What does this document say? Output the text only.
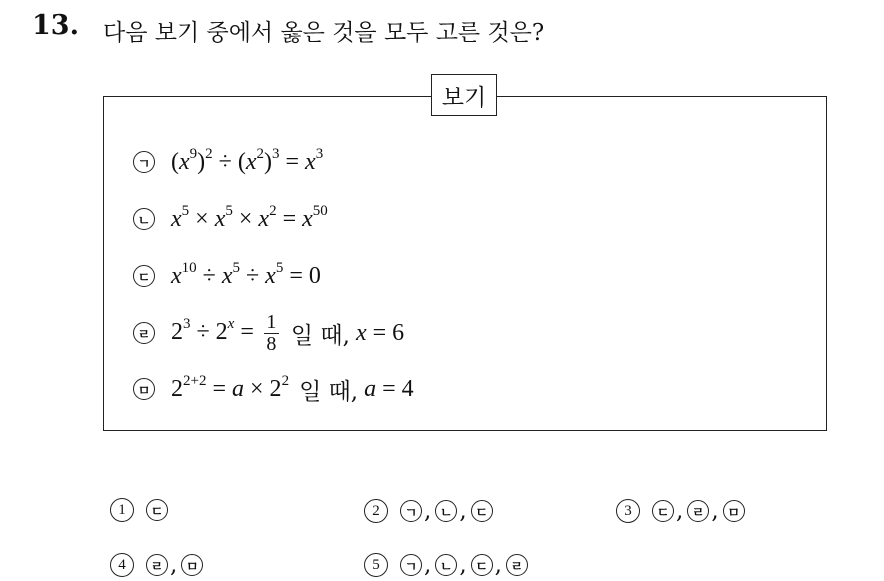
13. 다음 보기 중에서 옳은 것을 모두 고른 것은?
보기
ㄱ $(x^9)^2 \div (x^2)^3 = x^3$
ㄴ $x^5 \times x^5 \times x^2 = x^{50}$
ㄷ $x^{10} \div x^5 \div x^5 = 0$
ㄹ $2^3 \div 2^x = \frac{1}{8}$ 일 때, x = 6
ㅁ $2^{2+2} = a \times 2^2$ 일 때, a = 4
1	ㄷ	2	ㄱ , ㄴ , ㄷ	3	ㄷ , ㄹ , ㅁ
4	ㄹ , ㅁ	5	ㄱ , ㄴ , ㄷ , ㄹ
